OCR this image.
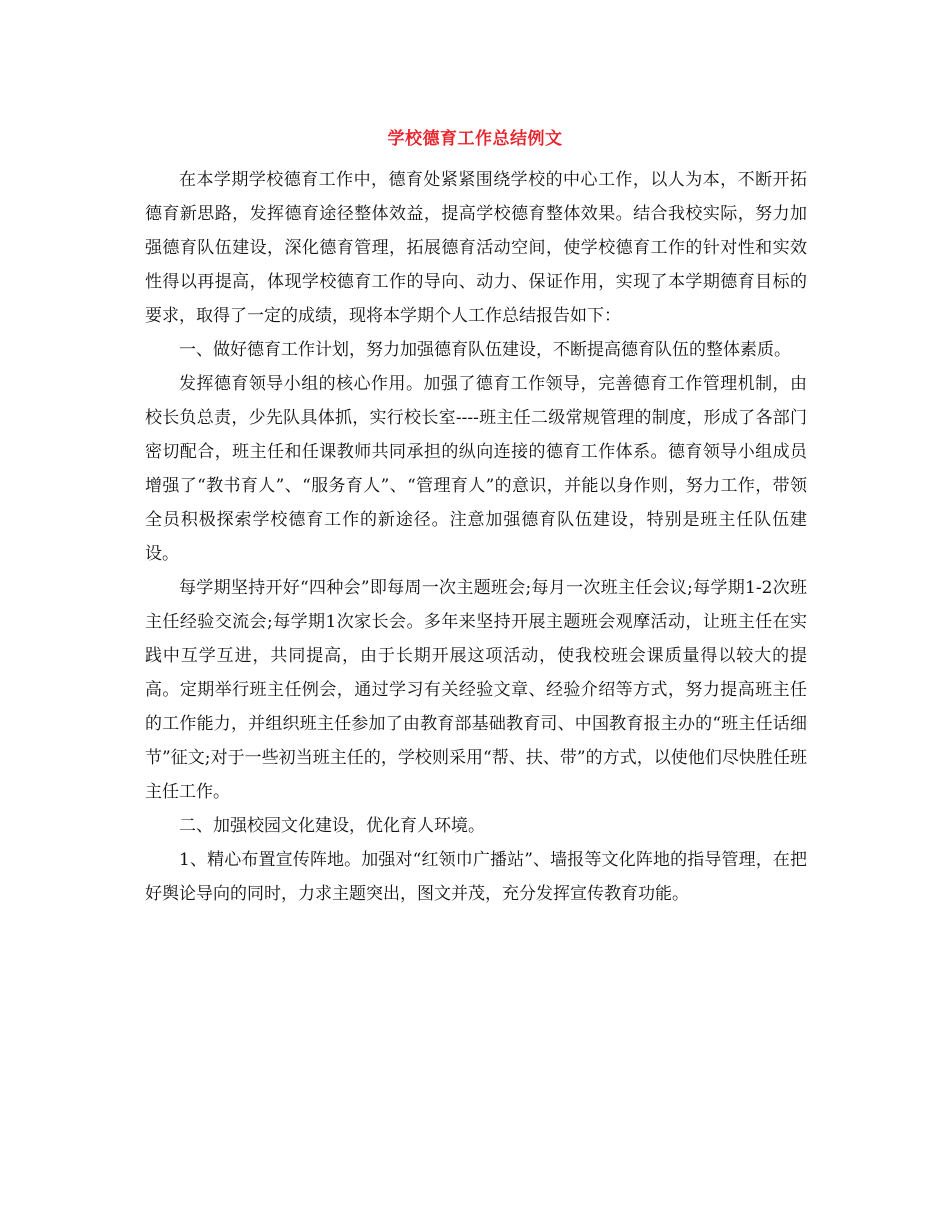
学校德育工作总结例文

在本学期学校德育工作中，德育处紧紧围绕学校的中心工作，以人为本，不断开拓德育新思路，发挥德育途径整体效益，提高学校德育整体效果。结合我校实际，努力加强德育队伍建设，深化德育管理，拓展德育活动空间，使学校德育工作的针对性和实效性得以再提高，体现学校德育工作的导向、动力、保证作用，实现了本学期德育目标的要求，取得了一定的成绩，现将本学期个人工作总结报告如下：

一、做好德育工作计划，努力加强德育队伍建设，不断提高德育队伍的整体素质。

发挥德育领导小组的核心作用。加强了德育工作领导，完善德育工作管理机制，由校长负总责，少先队具体抓，实行校长室----班主任二级常规管理的制度，形成了各部门密切配合，班主任和任课教师共同承担的纵向连接的德育工作体系。德育领导小组成员增强了“教书育人”、“服务育人”、“管理育人”的意识，并能以身作则，努力工作，带领全员积极探索学校德育工作的新途径。注意加强德育队伍建设，特别是班主任队伍建设。

每学期坚持开好“四种会”即每周一次主题班会;每月一次班主任会议;每学期1-2次班主任经验交流会;每学期1次家长会。多年来坚持开展主题班会观摩活动，让班主任在实践中互学互进，共同提高，由于长期开展这项活动，使我校班会课质量得以较大的提高。定期举行班主任例会，通过学习有关经验文章、经验介绍等方式，努力提高班主任的工作能力，并组织班主任参加了由教育部基础教育司、中国教育报主办的“班主任话细节”征文;对于一些初当班主任的，学校则采用“帮、扶、带”的方式，以使他们尽快胜任班主任工作。

二、加强校园文化建设，优化育人环境。

1、精心布置宣传阵地。加强对“红领巾广播站”、墙报等文化阵地的指导管理，在把好舆论导向的同时，力求主题突出，图文并茂，充分发挥宣传教育功能。
